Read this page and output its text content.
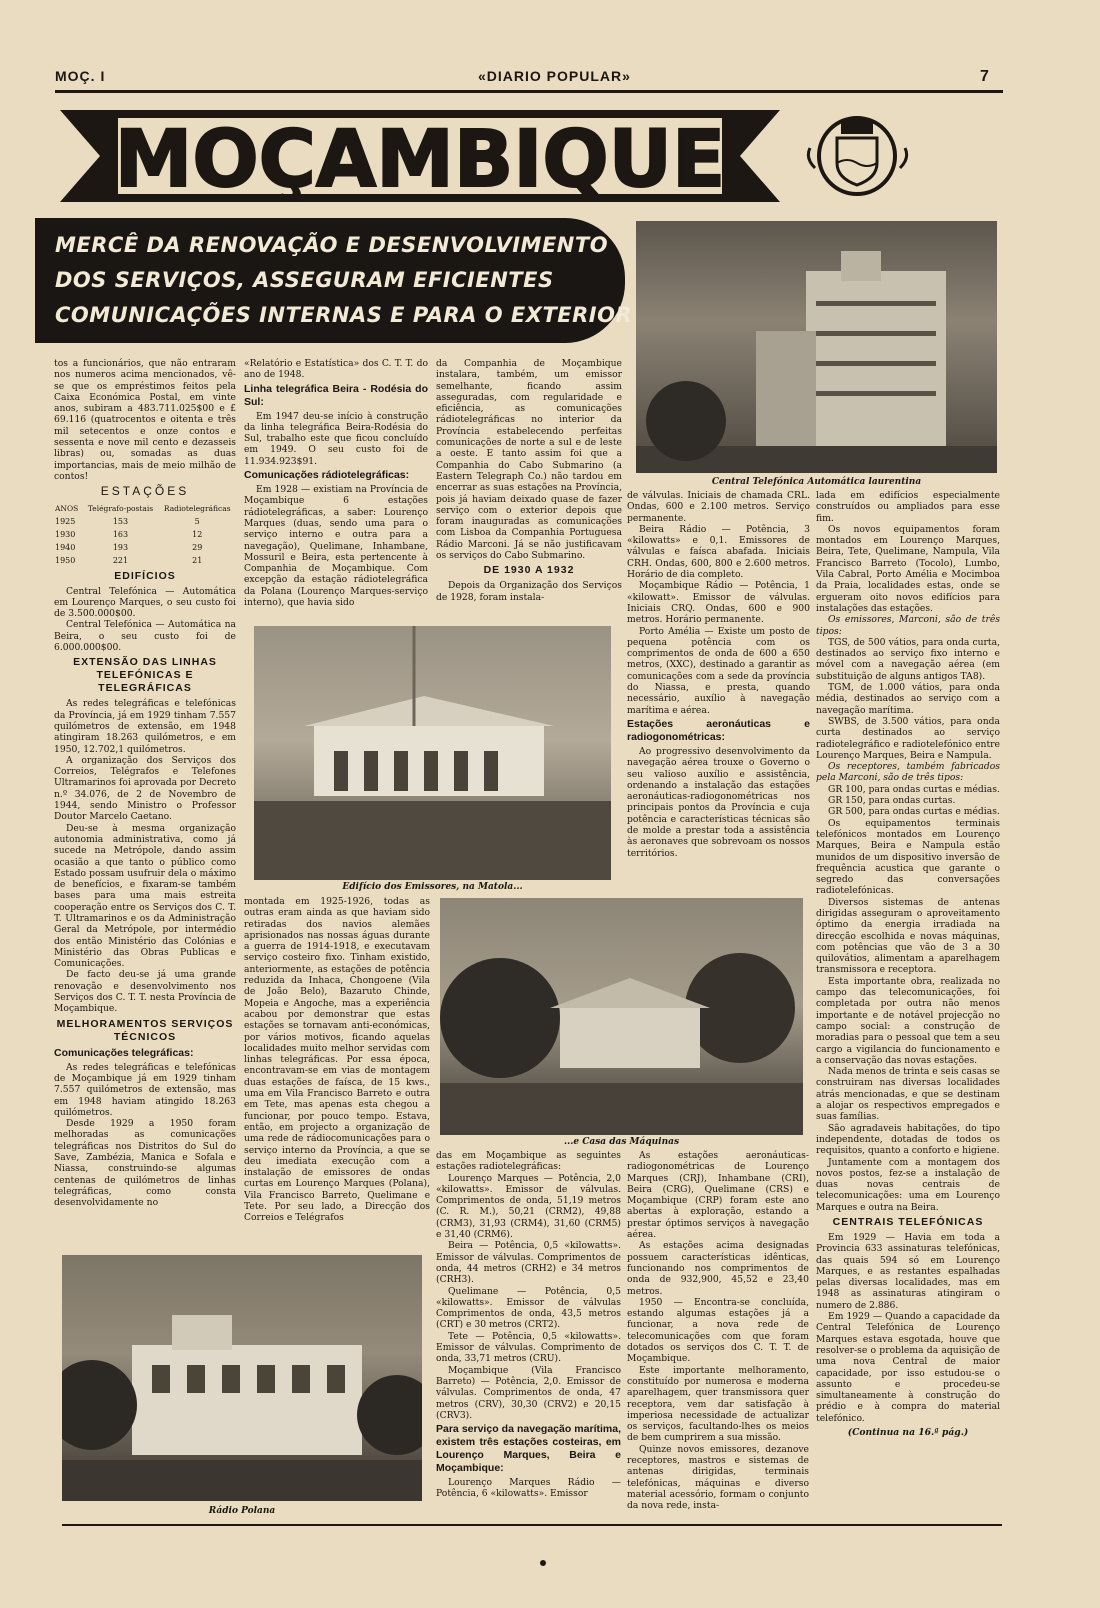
MOÇ. I	«DIARIO POPULAR»	7
MOÇAMBIQUE
MERCÊ DA RENOVAÇÃO E DESENVOLVIMENTO
DOS SERVIÇOS, ASSEGURAM EFICIENTES
COMUNICAÇÕES INTERNAS E PARA O EXTERIOR
Central Telefónica Automática laurentina
Edifício dos Emissores, na Matola...
...e Casa das Máquinas
Rádio Polana

tos a funcionários, que não entraram nos numeros acima mencionados, vê-se que os empréstimos feitos pela Caixa Económica Postal, em vinte anos, subiram a 483.711.025$00 e £ 69.116 (quatrocentos e oitenta e três mil setecentos e onze contos e sessenta e nove mil cento e dezasseis libras) ou, somadas as duas importancias, mais de meio milhão de contos!

ESTAÇÕES

ANOS	Telégrafo-postais	Radiotelegráficas
1925	153	5
1930	163	12
1940	193	29
1950	221	21

EDIFÍCIOS

Central Telefónica — Automática em Lourenço Marques, o seu custo foi de 3.500.000$00.

Central Telefónica — Automática na Beira, o seu custo foi de 6.000.000$00.

EXTENSÃO DAS LINHAS TELEFÓNICAS E TELEGRÁFICAS

As redes telegráficas e telefónicas da Província, já em 1929 tinham 7.557 quilómetros de extensão, em 1948 atingiram 18.263 quilómetros, e em 1950, 12.702,1 quilómetros.

A organização dos Serviços dos Correios, Telégrafos e Telefones Ultramarinos foi aprovada por Decreto n.º 34.076, de 2 de Novembro de 1944, sendo Ministro o Professor Doutor Marcelo Caetano.

Deu-se à mesma organização autonomia administrativa, como já sucede na Metrópole, dando assim ocasião a que tanto o público como Estado possam usufruir dela o máximo de benefícios, e fixaram-se também bases para uma mais estreita cooperação entre os Serviços dos C. T. T. Ultramarinos e os da Administração Geral da Metrópole, por intermédio dos então Ministério das Colónias e Ministério das Obras Publicas e Comunicações.

De facto deu-se já uma grande renovação e desenvolvimento nos Serviços dos C. T. T. nesta Província de Moçambique.

MELHORAMENTOS SERVIÇOS TÉCNICOS

Comunicações telegráficas:

As redes telegráficas e telefónicas de Moçambique já em 1929 tinham 7.557 quilómetros de extensão, mas em 1948 haviam atingido 18.263 quilómetros.

Desde 1929 a 1950 foram melhoradas as comunicações telegráficas nos Distritos do Sul do Save, Zambézia, Manica e Sofala e Niassa, construindo-se algumas centenas de quilómetros de linhas telegráficas, como consta desenvolvidamente no

«Relatório e Estatística» dos C. T. T. do ano de 1948.

Linha telegráfica Beira - Rodésia do Sul:

Em 1947 deu-se início à construção da linha telegráfica Beira-Rodésia do Sul, trabalho este que ficou concluído em 1949. O seu custo foi de 11.934.923$91.

Comunicações rádiotelegráficas:

Em 1928 — existiam na Província de Moçambique 6 estações rádiotelegráficas, a saber: Lourenço Marques (duas, sendo uma para o serviço interno e outra para a navegação), Quelimane, Inhambane, Mossuril e Beira, esta pertencente à Companhia de Moçambique. Com excepção da estação rádiotelegráfica da Polana (Lourenço Marques-serviço interno), que havia sido

montada em 1925-1926, todas as outras eram ainda as que haviam sido retiradas dos navios alemães aprisionados nas nossas águas durante a guerra de 1914-1918, e executavam serviço costeiro fixo. Tinham existido, anteriormente, as estações de potência reduzida da Inhaca, Chongoene (Vila de João Belo), Bazaruto Chinde, Mopeia e Angoche, mas a experiência acabou por demonstrar que estas estações se tornavam anti-económicas, por vários motivos, ficando aquelas localidades muito melhor servidas com linhas telegráficas. Por essa época, encontravam-se em vias de montagem duas estações de faísca, de 15 kws., uma em Vila Francisco Barreto e outra em Tete, mas apenas esta chegou a funcionar, por pouco tempo. Estava, então, em projecto a organização de uma rede de rádiocomunicações para o serviço interno da Província, a que se deu imediata execução com a instalação de emissores de ondas curtas em Lourenço Marques (Polana), Vila Francisco Barreto, Quelimane e Tete. Por seu lado, a Direcção dos Correios e Telégrafos

da Companhia de Moçambique instalara, também, um emissor semelhante, ficando assim asseguradas, com regularidade e eficiência, as comunicações rádiotelegráficas no interior da Província estabelecendo perfeitas comunicações de norte a sul e de leste a oeste. E tanto assim foi que a Companhia do Cabo Submarino (a Eastern Telegraph Co.) não tardou em encerrar as suas estações na Província, pois já haviam deixado quase de fazer serviço com o exterior depois que foram inauguradas as comunicações com Lisboa da Companhia Portuguesa Rádio Marconi. Já se não justificavam os serviços do Cabo Submarino.

DE 1930 A 1932

Depois da Organização dos Serviços de 1928, foram instala-

das em Moçambique as seguintes estações radiotelegráficas:

Lourenço Marques — Potência, 2,0 «kilowatts». Emissor de válvulas. Comprimentos de onda, 51,19 metros (C. R. M.), 50,21 (CRM2), 49,88 (CRM3), 31,93 (CRM4), 31,60 (CRM5) e 31,40 (CRM6).

Beira — Potência, 0,5 «kilowatts». Emissor de válvulas. Comprimentos de onda, 44 metros (CRH2) e 34 metros (CRH3).

Quelimane — Potência, 0,5 «kilowatts». Emissor de válvulas Comprimentos de onda, 43,5 metros (CRT) e 30 metros (CRT2).

Tete — Potência, 0,5 «kilowatts». Emissor de válvulas. Comprimento de onda, 33,71 metros (CRU).

Moçambique (Vila Francisco Barreto) — Potência, 2,0. Emissor de válvulas. Comprimentos de onda, 47 metros (CRV), 30,30 (CRV2) e 20,15 (CRV3).

Para serviço da navegação marítima, existem três estações costeiras, em Lourenço Marques, Beira e Moçambique:

Lourenço Marques Rádio — Potência, 6 «kilowatts». Emissor

de válvulas. Iniciais de chamada CRL. Ondas, 600 e 2.100 metros. Serviço permanente.

Beira Rádio — Potência, 3 «kilowatts» e 0,1. Emissores de válvulas e faísca abafada. Iniciais CRH. Ondas, 600, 800 e 2.600 metros. Horário de dia completo.

Moçambique Rádio — Potência, 1 «kilowatt». Emissor de válvulas. Iniciais CRQ. Ondas, 600 e 900 metros. Horário permanente.

Porto Amélia — Existe um posto de pequena potência com os comprimentos de onda de 600 a 650 metros, (XXC), destinado a garantir as comunicações com a sede da província do Niassa, e presta, quando necessário, auxílio à navegação marítima e aérea.

Estações aeronáuticas e radiogonométricas:

Ao progressivo desenvolvimento da navegação aérea trouxe o Governo o seu valioso auxílio e assistência, ordenando a instalação das estações aeronáuticas-radiogonométricas nos principais pontos da Província e cuja potência e características técnicas são de molde a prestar toda a assistência às aeronaves que sobrevoam os nossos territórios.

As estações aeronáuticas-radiogonométricas de Lourenço Marques (CRJ), Inhambane (CRI), Beira (CRG), Quelimane (CRS) e Moçambique (CRP) foram este ano abertas à exploração, estando a prestar óptimos serviços à navegação aérea.

As estações acima designadas possuem características idênticas, funcionando nos comprimentos de onda de 932,900, 45,52 e 23,40 metros.

1950 — Encontra-se concluída, estando algumas estações já a funcionar, a nova rede de telecomunicações com que foram dotados os serviços dos C. T. T. de Moçambique.

Este importante melhoramento, constituído por numerosa e moderna aparelhagem, quer transmissora quer receptora, vem dar satisfação à imperiosa necessidade de actualizar os serviços, facultando-lhes os meios de bem cumprirem a sua missão.

Quinze novos emissores, dezanove receptores, mastros e sistemas de antenas dirigidas, terminais telefónicas, máquinas e diverso material acessório, formam o conjunto da nova rede, insta-

lada em edifícios especialmente construídos ou ampliados para esse fim.

Os novos equipamentos foram montados em Lourenço Marques, Beira, Tete, Quelimane, Nampula, Vila Francisco Barreto (Tocolo), Lumbo, Vila Cabral, Porto Amélia e Mocimboa da Praia, localidades estas, onde se ergueram oito novos edifícios para instalações das estações.

Os emissores, Marconi, são de três tipos:

TGS, de 500 vátios, para onda curta, destinados ao serviço fixo interno e móvel com a navegação aérea (em substituição de alguns antigos TA8).

TGM, de 1.000 vátios, para onda média, destinados ao serviço com a navegação marítima.

SWBS, de 3.500 vátios, para onda curta destinados ao serviço radiotelegráfico e radiotelefónico entre Lourenço Marques, Beira e Nampula.

Os receptores, também fabricados pela Marconi, são de três tipos:

GR 100, para ondas curtas e médias.

GR 150, para ondas curtas.

GR 500, para ondas curtas e médias.

Os equipamentos terminais telefónicos montados em Lourenço Marques, Beira e Nampula estão munidos de um dispositivo inversão de frequência acustica que garante o segredo das conversações radiotelefónicas.

Diversos sistemas de antenas dirigidas asseguram o aproveitamento óptimo da energia irradiada na direcção escolhida e novas máquinas, com potências que vão de 3 a 30 quilovátios, alimentam a aparelhagem transmissora e receptora.

Esta importante obra, realizada no campo das telecomunicações, foi completada por outra não menos importante e de notável projecção no campo social: a construção de moradias para o pessoal que tem a seu cargo a vigilancia do funcionamento e a conservação das novas estações.

Nada menos de trinta e seis casas se construiram nas diversas localidades atrás mencionadas, e que se destinam a alojar os respectivos empregados e suas famílias.

São agradaveis habitações, do tipo independente, dotadas de todos os requisitos, quanto a conforto e higiene.

Juntamente com a montagem dos novos postos, fez-se a instalação de duas novas centrais de telecomunicações: uma em Lourenço Marques e outra na Beira.

CENTRAIS TELEFÓNICAS

Em 1929 — Havia em toda a Provincia 633 assinaturas telefónicas, das quais 594 só em Lourenço Marques, e as restantes espalhadas pelas diversas localidades, mas em 1948 as assinaturas atingiram o numero de 2.886.

Em 1929 — Quando a capacidade da Central Telefónica de Lourenço Marques estava esgotada, houve que resolver-se o problema da aquisição de uma nova Central de maior capacidade, por isso estudou-se o assunto e procedeu-se simultaneamente à construção do prédio e à compra do material telefónico.

(Continua na 16.ª pág.)
